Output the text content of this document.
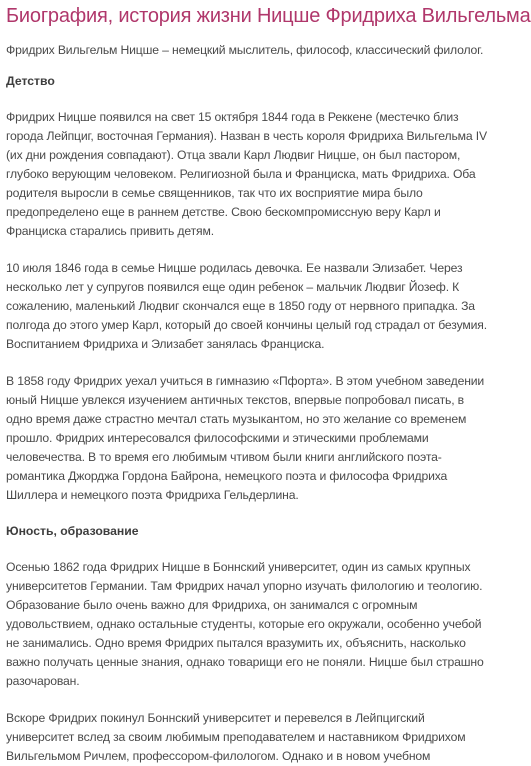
Биография, история жизни Ницше Фридриха Вильгельма

Фридрих Вильгельм Ницше – немецкий мыслитель, философ, классический филолог.

Детство

Фридрих Ницше появился на свет 15 октября 1844 года в Реккене (местечко близ
города Лейпциг, восточная Германия). Назван в честь короля Фридриха Вильгельма IV
(их дни рождения совпадают). Отца звали Карл Людвиг Ницше, он был пастором,
глубоко верующим человеком. Религиозной была и Франциска, мать Фридриха. Оба
родителя выросли в семье священников, так что их восприятие мира было
предопределено еще в раннем детстве. Свою бескомпромиссную веру Карл и
Франциска старались привить детям.

10 июля 1846 года в семье Ницше родилась девочка. Ее назвали Элизабет. Через
несколько лет у супругов появился еще один ребенок – мальчик Людвиг Йозеф. К
сожалению, маленький Людвиг скончался еще в 1850 году от нервного припадка. За
полгода до этого умер Карл, который до своей кончины целый год страдал от безумия.
Воспитанием Фридриха и Элизабет занялась Франциска.

В 1858 году Фридрих уехал учиться в гимназию «Пфорта». В этом учебном заведении
юный Ницше увлекся изучением античных текстов, впервые попробовал писать, в
одно время даже страстно мечтал стать музыкантом, но это желание со временем
прошло. Фридрих интересовался философскими и этическими проблемами
человечества. В то время его любимым чтивом были книги английского поэта-
романтика Джорджа Гордона Байрона, немецкого поэта и философа Фридриха
Шиллера и немецкого поэта Фридриха Гельдерлина.

Юность, образование

Осенью 1862 года Фридрих Ницше в Боннский университет, один из самых крупных
университетов Германии. Там Фридрих начал упорно изучать филологию и теологию.
Образование было очень важно для Фридриха, он занимался с огромным
удовольствием, однако остальные студенты, которые его окружали, особенно учебой
не занимались. Одно время Фридрих пытался вразумить их, объяснить, насколько
важно получать ценные знания, однако товарищи его не поняли. Ницше был страшно
разочарован.

Вскоре Фридрих покинул Боннский университет и перевелся в Лейпцигский
университет вслед за своим любимым преподавателем и наставником Фридрихом
Вильгельмом Ричлем, профессором-филологом. Однако и в новом учебном
